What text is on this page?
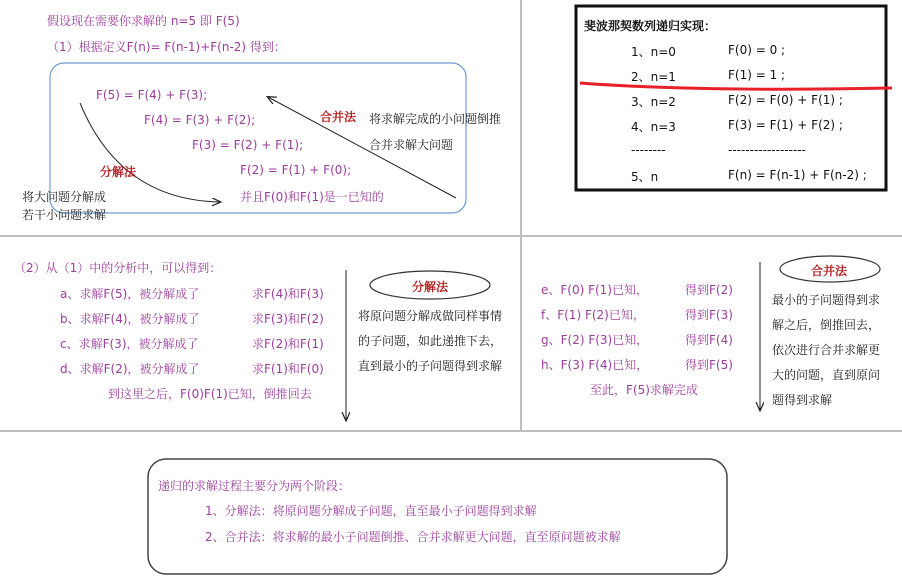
假设现在需要你求解的 n=5 即 F(5)
（1）根据定义F(n)= F(n-1)+F(n-2) 得到：
F(5) = F(4) + F(3);
F(4) = F(3) + F(2);
F(3) = F(2) + F(1);
F(2) = F(1) + F(0);
并且F(0)和F(1)是一已知的
合并法 将求解完成的小问题倒推
合并求解大问题
分解法
将大问题分解成
若干小问题求解
斐波那契数列递归实现：
1、n=0	F(0) = 0 ;
2、n=1	F(1) = 1 ;
3、n=2	F(2) = F(0) + F(1) ;
4、n=3	F(3) = F(1) + F(2) ;
--------	------------------
5、n	F(n) = F(n-1) + F(n-2) ;
（2）从（1）中的分析中，可以得到：
a、求解F(5)，被分解成了	求F(4)和F(3)
b、求解F(4)，被分解成了	求F(3)和F(2)
c、求解F(3)，被分解成了	求F(2)和F(1)
d、求解F(2)，被分解成了	求F(1)和F(0)
到这里之后，F(0)F(1)已知，倒推回去
分解法
将原问题分解成做同样事情
的子问题，如此递推下去，
直到最小的子问题得到求解
e、F(0) F(1)已知，	得到F(2)
f、F(1) F(2)已知，	得到F(3)
g、F(2) F(3)已知，	得到F(4)
h、F(3) F(4)已知，	得到F(5)
至此，F(5)求解完成
合并法
最小的子问题得到求
解之后，倒推回去，
依次进行合并求解更
大的问题，直到原问
题得到求解
递归的求解过程主要分为两个阶段：
1、分解法：将原问题分解成子问题，直至最小子问题得到求解
2、合并法：将求解的最小子问题倒推、合并求解更大问题，直至原问题被求解
